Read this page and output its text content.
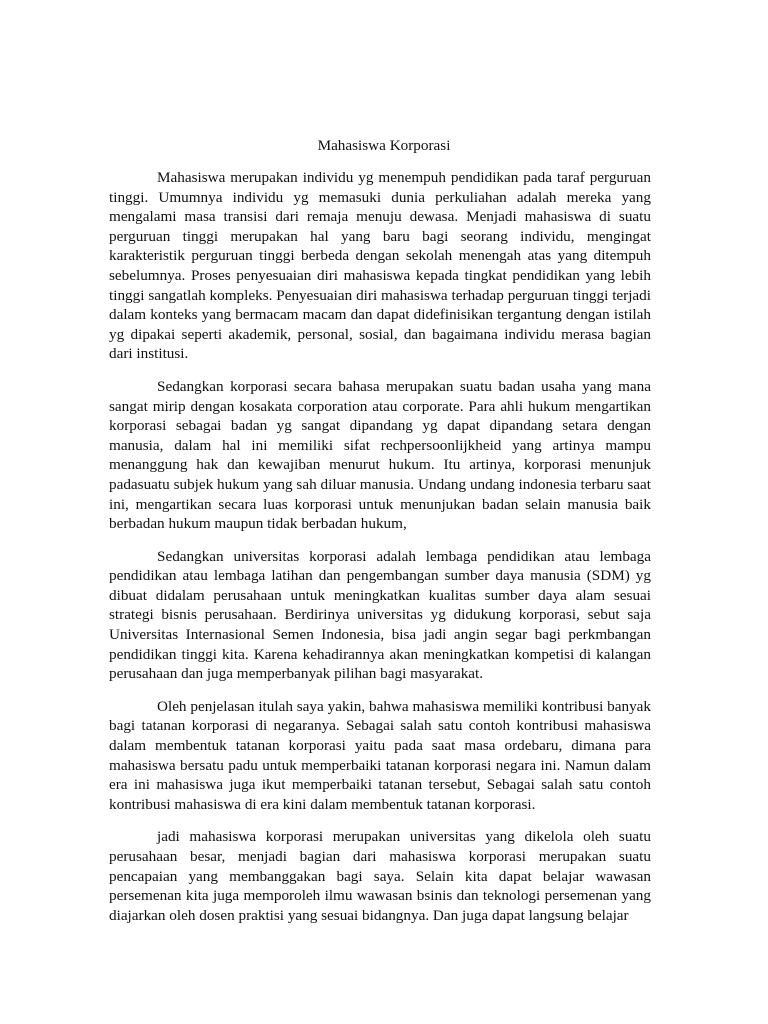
Mahasiswa Korporasi

Mahasiswa merupakan individu yg menempuh pendidikan pada taraf perguruan tinggi. Umumnya individu yg memasuki dunia perkuliahan adalah mereka yang mengalami masa transisi dari remaja menuju dewasa. Menjadi mahasiswa di suatu perguruan tinggi merupakan hal yang baru bagi seorang individu, mengingat karakteristik perguruan tinggi berbeda dengan sekolah menengah atas yang ditempuh sebelumnya. Proses penyesuaian diri mahasiswa kepada tingkat pendidikan yang lebih tinggi sangatlah kompleks. Penyesuaian diri mahasiswa terhadap perguruan tinggi terjadi dalam konteks yang bermacam macam dan dapat didefinisikan tergantung dengan istilah yg dipakai seperti akademik, personal, sosial, dan bagaimana individu merasa bagian dari institusi.

Sedangkan korporasi secara bahasa merupakan suatu badan usaha yang mana sangat mirip dengan kosakata corporation atau corporate. Para ahli hukum mengartikan korporasi sebagai badan yg sangat dipandang yg dapat dipandang setara dengan manusia, dalam hal ini memiliki sifat rechpersoonlijkheid yang artinya mampu menanggung hak dan kewajiban menurut hukum. Itu artinya, korporasi menunjuk padasuatu subjek hukum yang sah diluar manusia. Undang undang indonesia terbaru saat ini, mengartikan secara luas korporasi untuk menunjukan badan selain manusia baik berbadan hukum maupun tidak berbadan hukum,

Sedangkan universitas korporasi adalah lembaga pendidikan atau lembaga pendidikan atau lembaga latihan dan pengembangan sumber daya manusia (SDM) yg dibuat didalam perusahaan untuk meningkatkan kualitas sumber daya alam sesuai strategi bisnis perusahaan. Berdirinya universitas yg didukung korporasi, sebut saja Universitas Internasional Semen Indonesia, bisa jadi angin segar bagi perkmbangan pendidikan tinggi kita. Karena kehadirannya akan meningkatkan kompetisi di kalangan perusahaan dan juga memperbanyak pilihan bagi masyarakat.

Oleh penjelasan itulah saya yakin, bahwa mahasiswa memiliki kontribusi banyak bagi tatanan korporasi di negaranya. Sebagai salah satu contoh kontribusi mahasiswa dalam membentuk tatanan korporasi yaitu pada saat masa ordebaru, dimana para mahasiswa bersatu padu untuk memperbaiki tatanan korporasi negara ini. Namun dalam era ini mahasiswa juga ikut memperbaiki tatanan tersebut, Sebagai salah satu contoh kontribusi mahasiswa di era kini dalam membentuk tatanan korporasi.

jadi mahasiswa korporasi merupakan universitas yang dikelola oleh suatu perusahaan besar, menjadi bagian dari mahasiswa korporasi merupakan suatu pencapaian yang membanggakan bagi saya. Selain kita dapat belajar wawasan persemenan kita juga memporoleh ilmu wawasan bsinis dan teknologi persemenan yang diajarkan oleh dosen praktisi yang sesuai bidangnya. Dan juga dapat langsung belajar
